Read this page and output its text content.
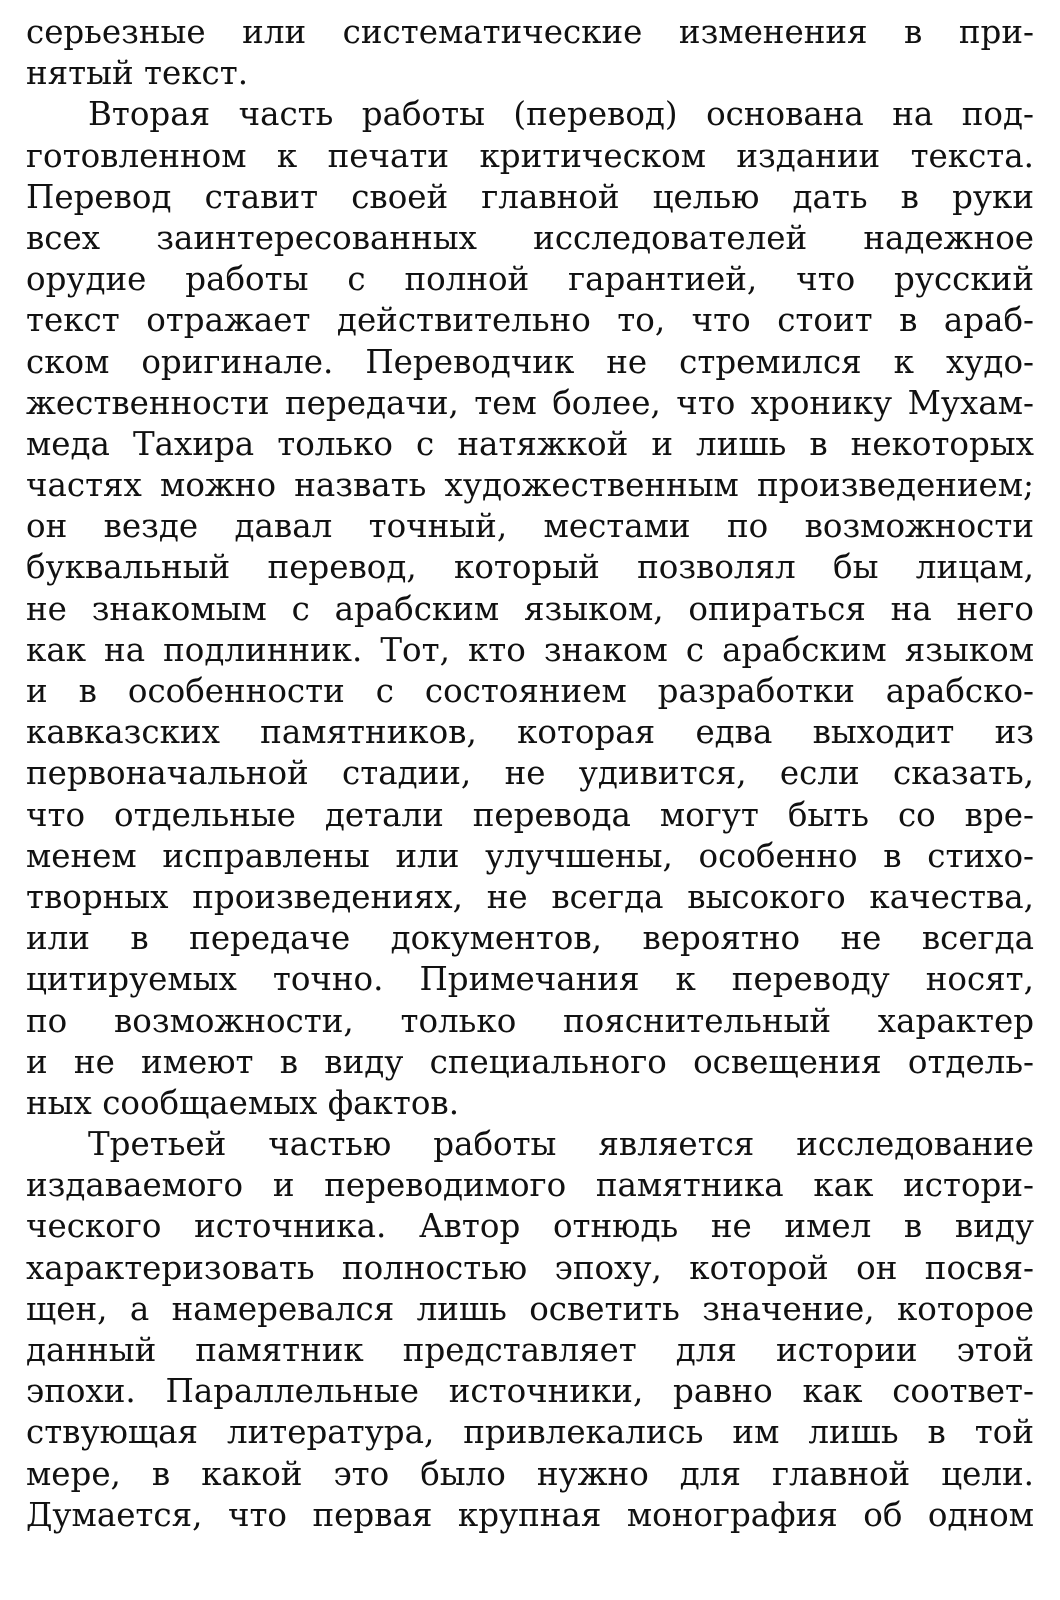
серьезные или систематические изменения в при-
нятый текст.
Вторая часть работы (перевод) основана на под-
готовленном к печати критическом издании текста.
Перевод ставит своей главной целью дать в руки
всех заинтересованных исследователей надежное
орудие работы с полной гарантией, что русский
текст отражает действительно то, что стоит в араб-
ском оригинале. Переводчик не стремился к худо-
жественности передачи, тем более, что хронику Мухам-
меда Тахира только с натяжкой и лишь в некоторых
частях можно назвать художественным произведением;
он везде давал точный, местами по возможности
буквальный перевод, который позволял бы лицам,
не знакомым с арабским языком, опираться на него
как на подлинник. Тот, кто знаком с арабским языком
и в особенности с состоянием разработки арабско-
кавказских памятников, которая едва выходит из
первоначальной стадии, не удивится, если сказать,
что отдельные детали перевода могут быть со вре-
менем исправлены или улучшены, особенно в стихо-
творных произведениях, не всегда высокого качества,
или в передаче документов, вероятно не всегда
цитируемых точно. Примечания к переводу носят,
по возможности, только пояснительный характер
и не имеют в виду специального освещения отдель-
ных сообщаемых фактов.
Третьей частью работы является исследование
издаваемого и переводимого памятника как истори-
ческого источника. Автор отнюдь не имел в виду
характеризовать полностью эпоху, которой он посвя-
щен, а намеревался лишь осветить значение, которое
данный памятник представляет для истории этой
эпохи. Параллельные источники, равно как соответ-
ствующая литература, привлекались им лишь в той
мере, в какой это было нужно для главной цели.
Думается, что первая крупная монография об одном
